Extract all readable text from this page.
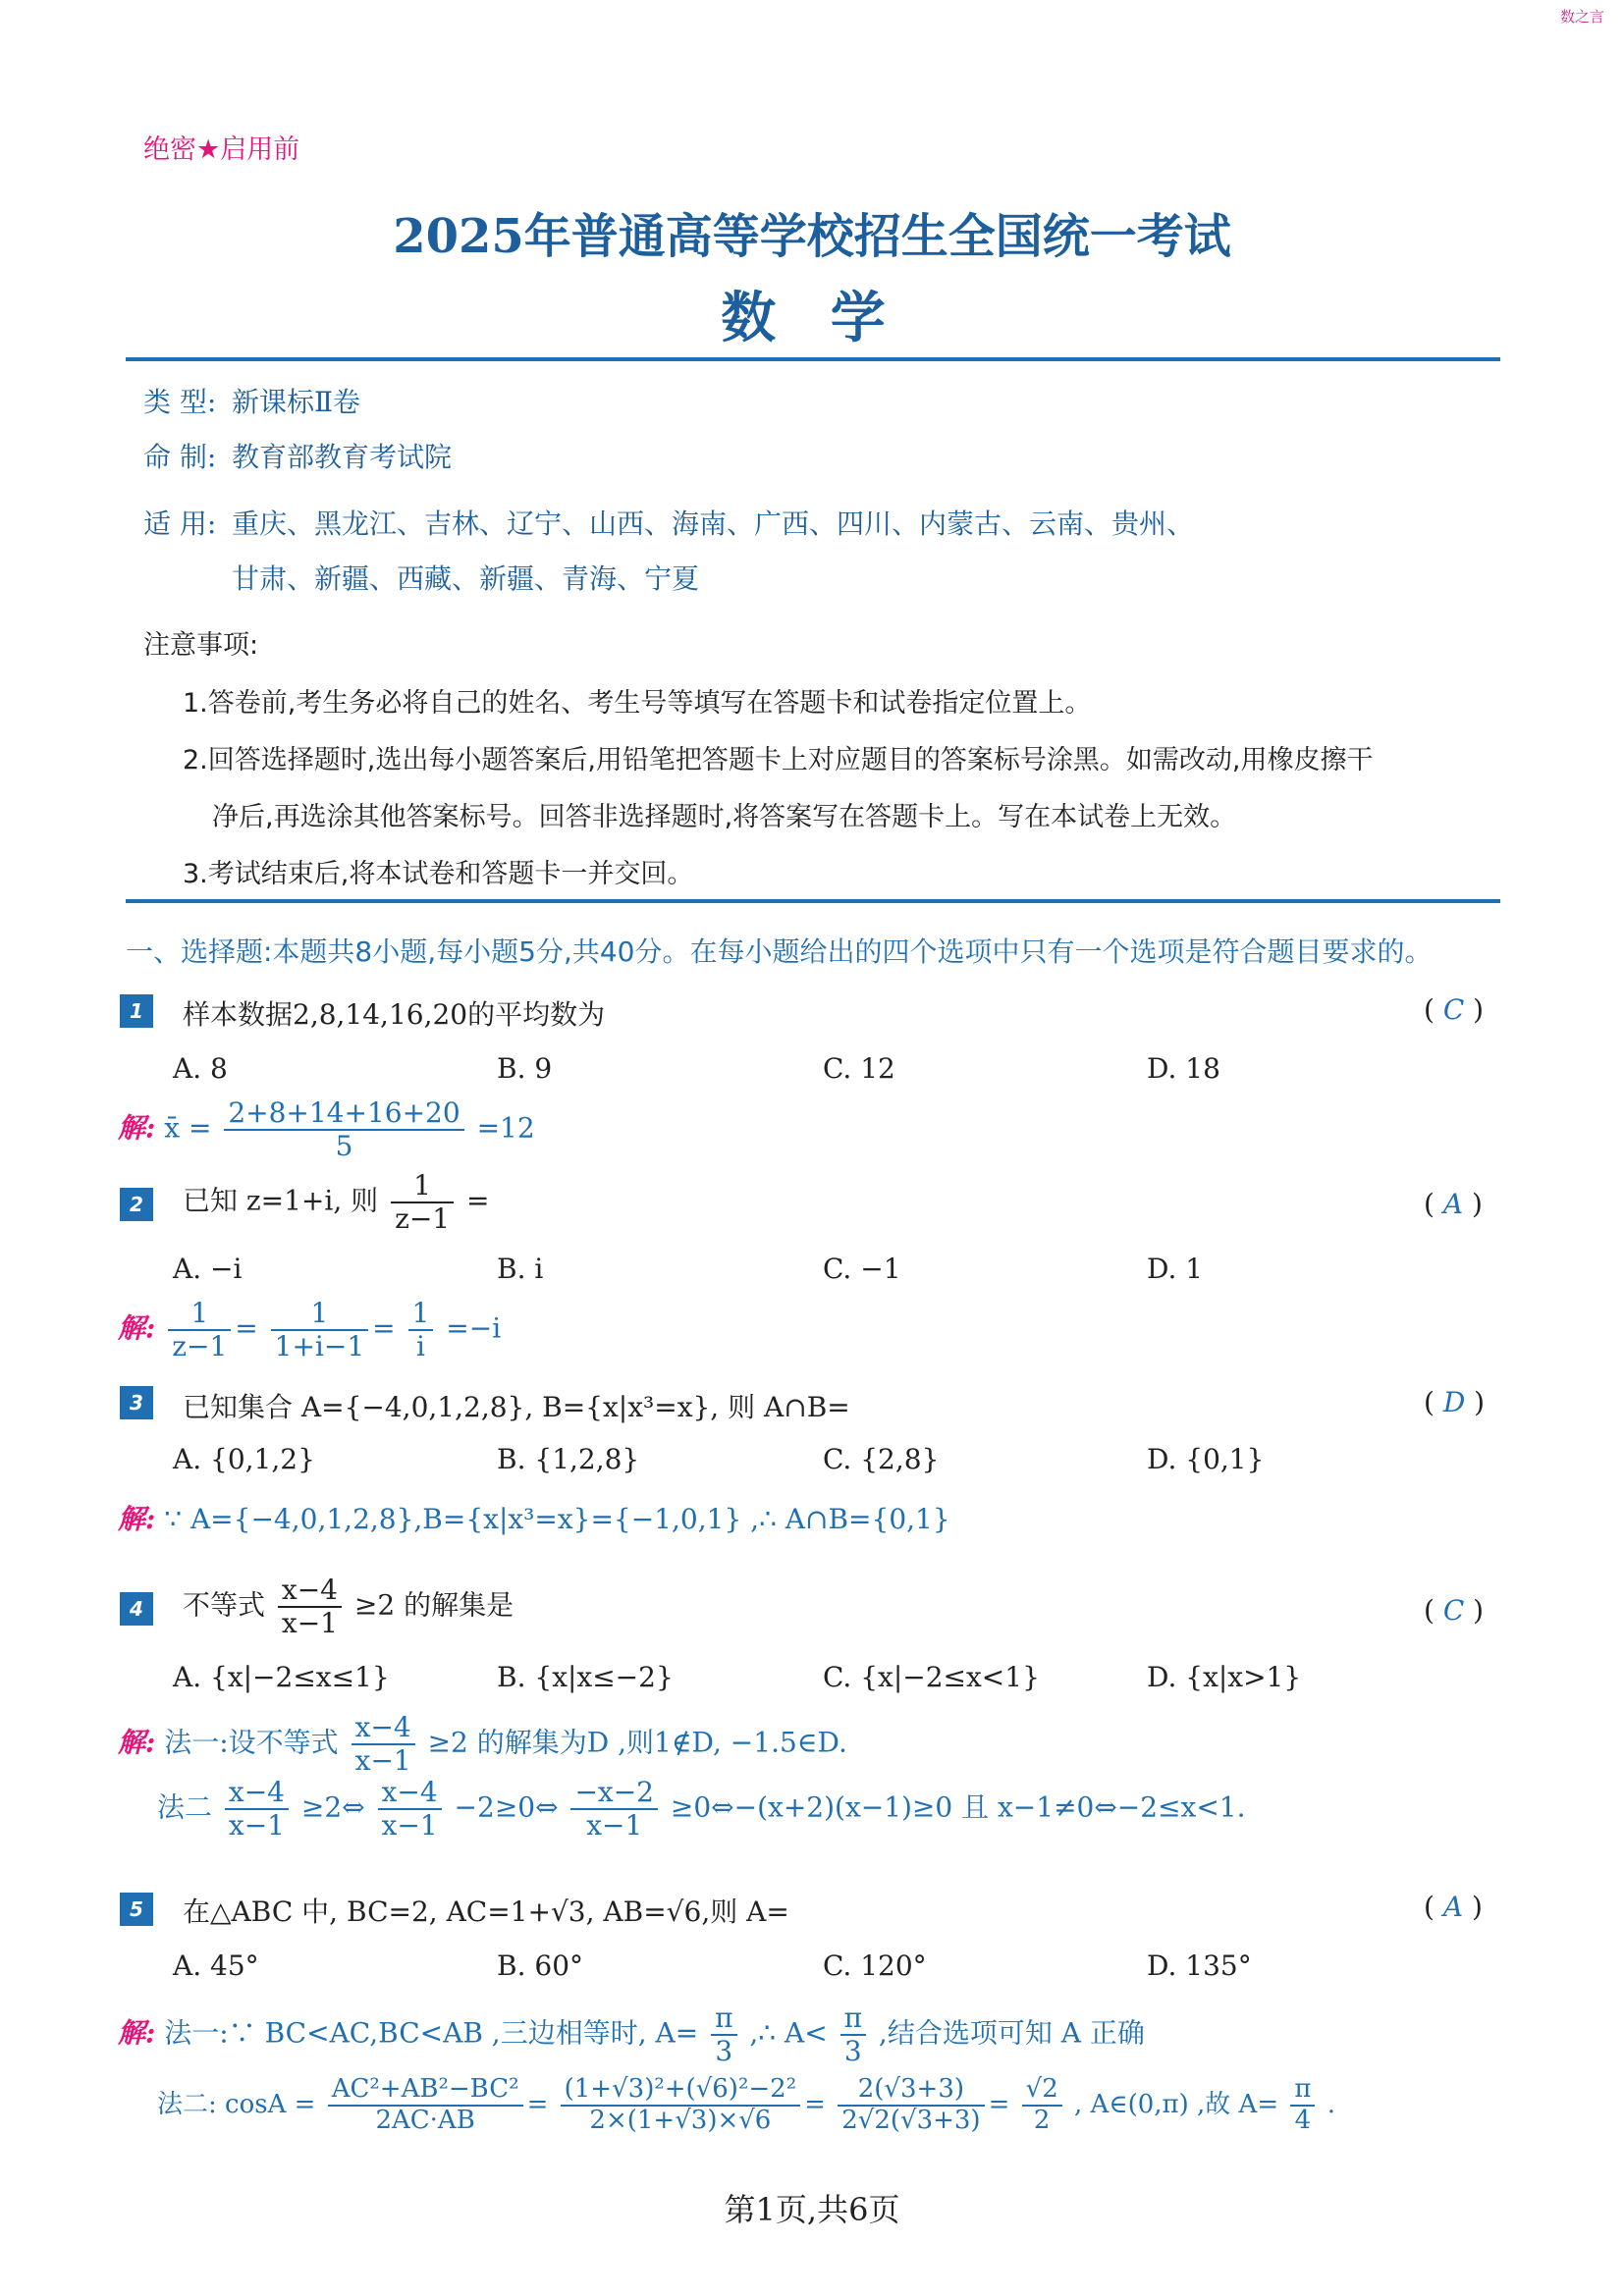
数之言
绝密★启用前
2025年普通高等学校招生全国统一考试
数 学
类 型: 新课标Ⅱ卷
命 制: 教育部教育考试院
适 用: 重庆、黑龙江、吉林、辽宁、山西、海南、广西、四川、内蒙古、云南、贵州、
甘肃、新疆、西藏、新疆、青海、宁夏
注意事项:
1.答卷前,考生务必将自己的姓名、考生号等填写在答题卡和试卷指定位置上。
2.回答选择题时,选出每小题答案后,用铅笔把答题卡上对应题目的答案标号涂黑。如需改动,用橡皮擦干
净后,再选涂其他答案标号。回答非选择题时,将答案写在答题卡上。写在本试卷上无效。
3.考试结束后,将本试卷和答题卡一并交回。
一、选择题:本题共8小题,每小题5分,共40分。在每小题给出的四个选项中只有一个选项是符合题目要求的。
1	样本数据2,8,14,16,20的平均数为	( C )
A. 8	B. 9	C. 12	D. 18
解: x̄ = $\frac{2+8+14+16+20}{5} =12$
2	已知 z=1+i, 则 $\frac{1}{z-1}$ =	( A )
A. −i	B. i	C. −1	D. 1
解: $\frac{1}{z-1} = \frac{1}{1+i-1} = \frac{1}{i} =-i$
3	已知集合 A={−4,0,1,2,8}, B={x|x³=x}, 则 A∩B=	( D )
A. {0,1,2}	B. {1,2,8}	C. {2,8}	D. {0,1}
解: ∵ A={−4,0,1,2,8},B={x|x³=x}={−1,0,1} ,∴ A∩B={0,1}
4	不等式 $\frac{x-4}{x-1} \ge 2$ 的解集是	( C )
A. {x|−2≤x≤1}	B. {x|x≤−2}	C. {x|−2≤x<1}	D. {x|x>1}
解: 法一:设不等式 $\frac{x-4}{x-1} \ge 2$ 的解集为D ,则1∉D, −1.5∈D.
法二 $\frac{x-4}{x-1}$ ≥2⇔ $\frac{x-4}{x-1}$ −2≥0⇔ $\frac{-x-2}{x-1}$ ≥0⇔−(x+2)(x−1)≥0 且 x−1≠0⇔−2≤x<1.
5	在△ABC 中, BC=2, AC=1+√3, AB=√6,则 A=	( A )
A. 45°	B. 60°	C. 120°	D. 135°
解: 法一:∵ BC<AC,BC<AB ,三边相等时, $A= \frac{\pi}{3}$ ,∴ $A< \frac{\pi}{3}$ ,结合选项可知 A 正确
法二: $\cos A = \frac{\text{AC²+AB²−BC²}}{2AC\cdot AB} = \frac{\text{(1+√3)²+(√6)²−2²}}{2\times(1+√3)\times√6} = \frac{2(√3+3)}{2√2(√3+3)} = \frac{√2}{2}$ , A∈(0,π) ,故 $A= \frac{\pi}{4}$ .
第1页,共6页
